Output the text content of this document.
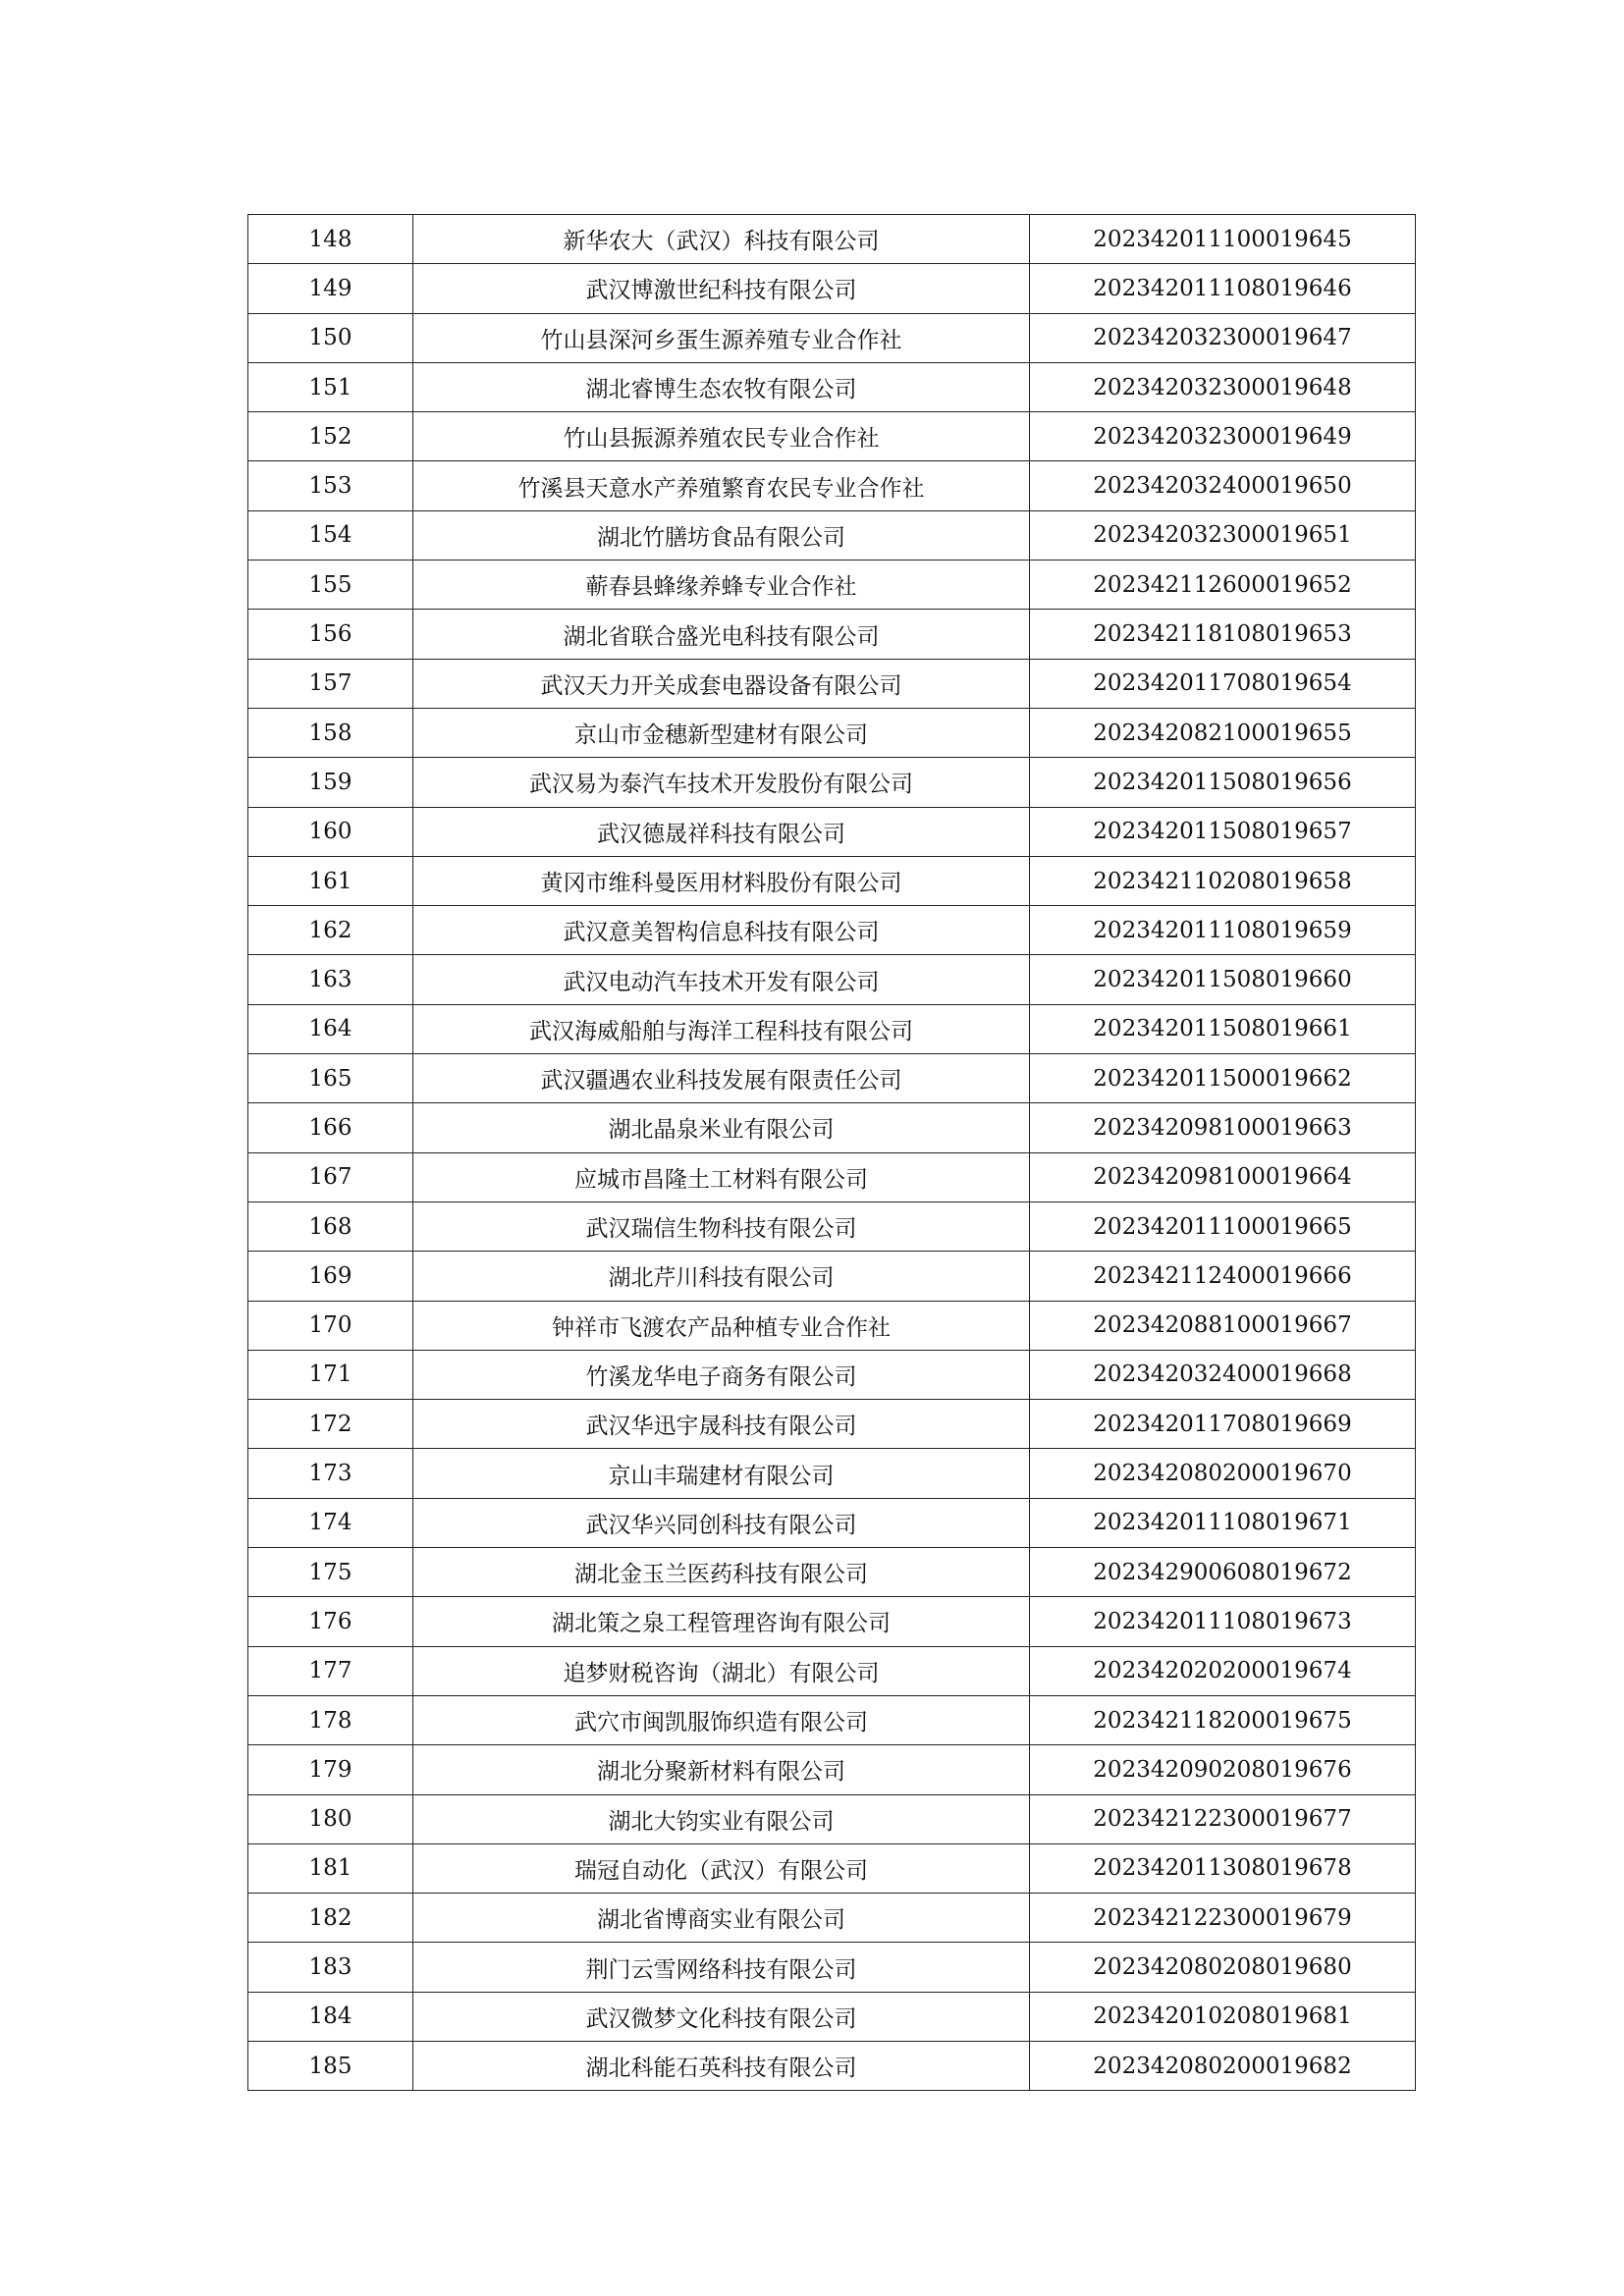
148	新华农大（武汉）科技有限公司	202342011100019645
149	武汉博激世纪科技有限公司	202342011108019646
150	竹山县深河乡蛋生源养殖专业合作社	202342032300019647
151	湖北睿博生态农牧有限公司	202342032300019648
152	竹山县振源养殖农民专业合作社	202342032300019649
153	竹溪县天意水产养殖繁育农民专业合作社	202342032400019650
154	湖北竹膳坊食品有限公司	202342032300019651
155	蕲春县蜂缘养蜂专业合作社	202342112600019652
156	湖北省联合盛光电科技有限公司	202342118108019653
157	武汉天力开关成套电器设备有限公司	202342011708019654
158	京山市金穗新型建材有限公司	202342082100019655
159	武汉易为泰汽车技术开发股份有限公司	202342011508019656
160	武汉德晟祥科技有限公司	202342011508019657
161	黄冈市维科曼医用材料股份有限公司	202342110208019658
162	武汉意美智构信息科技有限公司	202342011108019659
163	武汉电动汽车技术开发有限公司	202342011508019660
164	武汉海威船舶与海洋工程科技有限公司	202342011508019661
165	武汉疆遇农业科技发展有限责任公司	202342011500019662
166	湖北晶泉米业有限公司	202342098100019663
167	应城市昌隆土工材料有限公司	202342098100019664
168	武汉瑞信生物科技有限公司	202342011100019665
169	湖北芹川科技有限公司	202342112400019666
170	钟祥市飞渡农产品种植专业合作社	202342088100019667
171	竹溪龙华电子商务有限公司	202342032400019668
172	武汉华迅宇晟科技有限公司	202342011708019669
173	京山丰瑞建材有限公司	202342080200019670
174	武汉华兴同创科技有限公司	202342011108019671
175	湖北金玉兰医药科技有限公司	202342900608019672
176	湖北策之泉工程管理咨询有限公司	202342011108019673
177	追梦财税咨询（湖北）有限公司	202342020200019674
178	武穴市闽凯服饰织造有限公司	202342118200019675
179	湖北分聚新材料有限公司	202342090208019676
180	湖北大钧实业有限公司	202342122300019677
181	瑞冠自动化（武汉）有限公司	202342011308019678
182	湖北省博商实业有限公司	202342122300019679
183	荆门云雪网络科技有限公司	202342080208019680
184	武汉微梦文化科技有限公司	202342010208019681
185	湖北科能石英科技有限公司	202342080200019682
